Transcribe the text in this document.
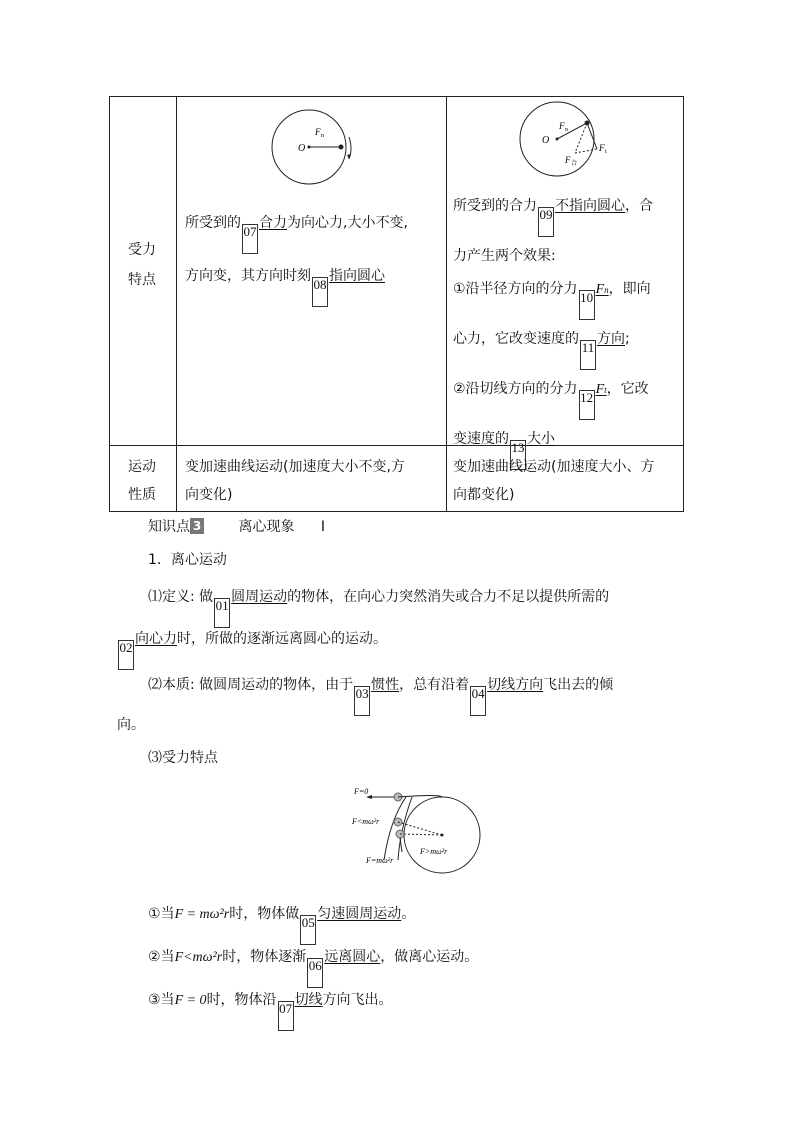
受力
特点
O
F n
所受到的07合力为向心力,大小不变,
方向变，其方向时刻08指向圆心
O
F n
F t
F 合
所受到的合力09不指向圆心，合
力产生两个效果:
①沿半径方向的分力10Fn，即向
心力，它改变速度的11方向;
②沿切线方向的分力12Ft，它改
变速度的13大小
运动
性质
变加速曲线运动(加速度大小不变,方
向变化)
变加速曲线运动(加速度大小、方
向都变化)
知识点 3	离心现象 I
1．离心运动
⑴定义: 做01圆周运动的物体，在向心力突然消失或合力不足以提供所需的
02向心力时，所做的逐渐远离圆心的运动。
⑵本质: 做圆周运动的物体，由于03惯性，总有沿着04切线方向飞出去的倾
向。
⑶受力特点
F=0
F<mω²r
F=mω²r
F>mω²r
①当F = mω²r时，物体做05匀速圆周运动。
②当F<mω²r时，物体逐渐06远离圆心，做离心运动。
③当F = 0时，物体沿07切线方向飞出。
